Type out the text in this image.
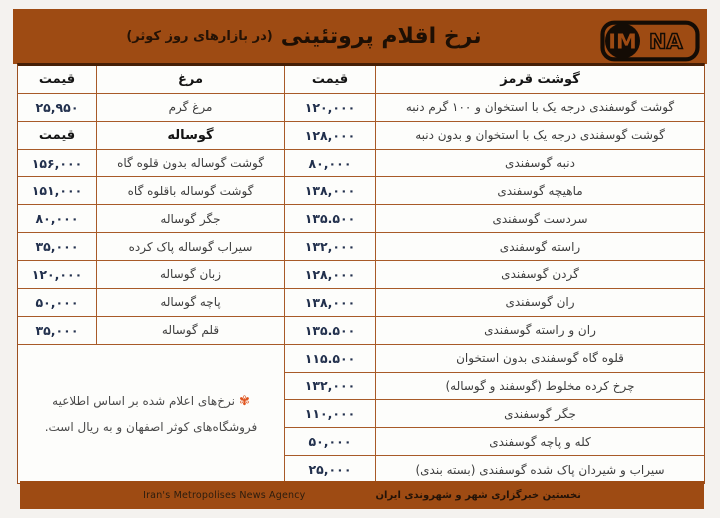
نرخ اقلام پروتئینی
(در بازارهای روز کوثر)	IM NA
گوشت قرمز
گوشت گوسفندی درجه یک با استخوان و ۱۰۰ گرم دنبه
گوشت گوسفندی درجه یک با استخوان و بدون دنبه
دنبه گوسفندی
ماهیچه گوسفندی
سردست گوسفندی
راسته گوسفندی
گردن گوسفندی
ران گوسفندی
ران و راسته گوسفندی
قلوه گاه گوسفندی بدون استخوان
چرخ کرده مخلوط (گوسفند و گوساله)
جگر گوسفندی
کله و پاچه گوسفندی
سیراب و شیردان پاک شده گوسفندی (بسته بندی)
قیمت
۱۲۰,۰۰۰
۱۲۸,۰۰۰
۸۰,۰۰۰
۱۳۸,۰۰۰
۱۳۵.۵۰۰
۱۳۲,۰۰۰
۱۲۸,۰۰۰
۱۳۸,۰۰۰
۱۳۵.۵۰۰
۱۱۵.۵۰۰
۱۳۲,۰۰۰
۱۱۰,۰۰۰
۵۰,۰۰۰
۲۵,۰۰۰
مرغ
مرغ گرم
گوساله
گوشت گوساله بدون قلوه گاه
گوشت گوساله باقلوه گاه
جگر گوساله
سیراب گوساله پاک کرده
زبان گوساله
پاچه گوساله
قلم گوساله
قیمت
۲۵,۹۵۰
قیمت
۱۵۶,۰۰۰
۱۵۱,۰۰۰
۸۰,۰۰۰
۳۵,۰۰۰
۱۲۰,۰۰۰
۵۰,۰۰۰
۳۵,۰۰۰
✾نرخ‌های اعلام شده بر اساس اطلاعیه فروشگاه‌های کوثر اصفهان و به ریال است.
Iran's Metropolises News Agency	نخستین خبرگزاری شهر و شهروندی ایران
